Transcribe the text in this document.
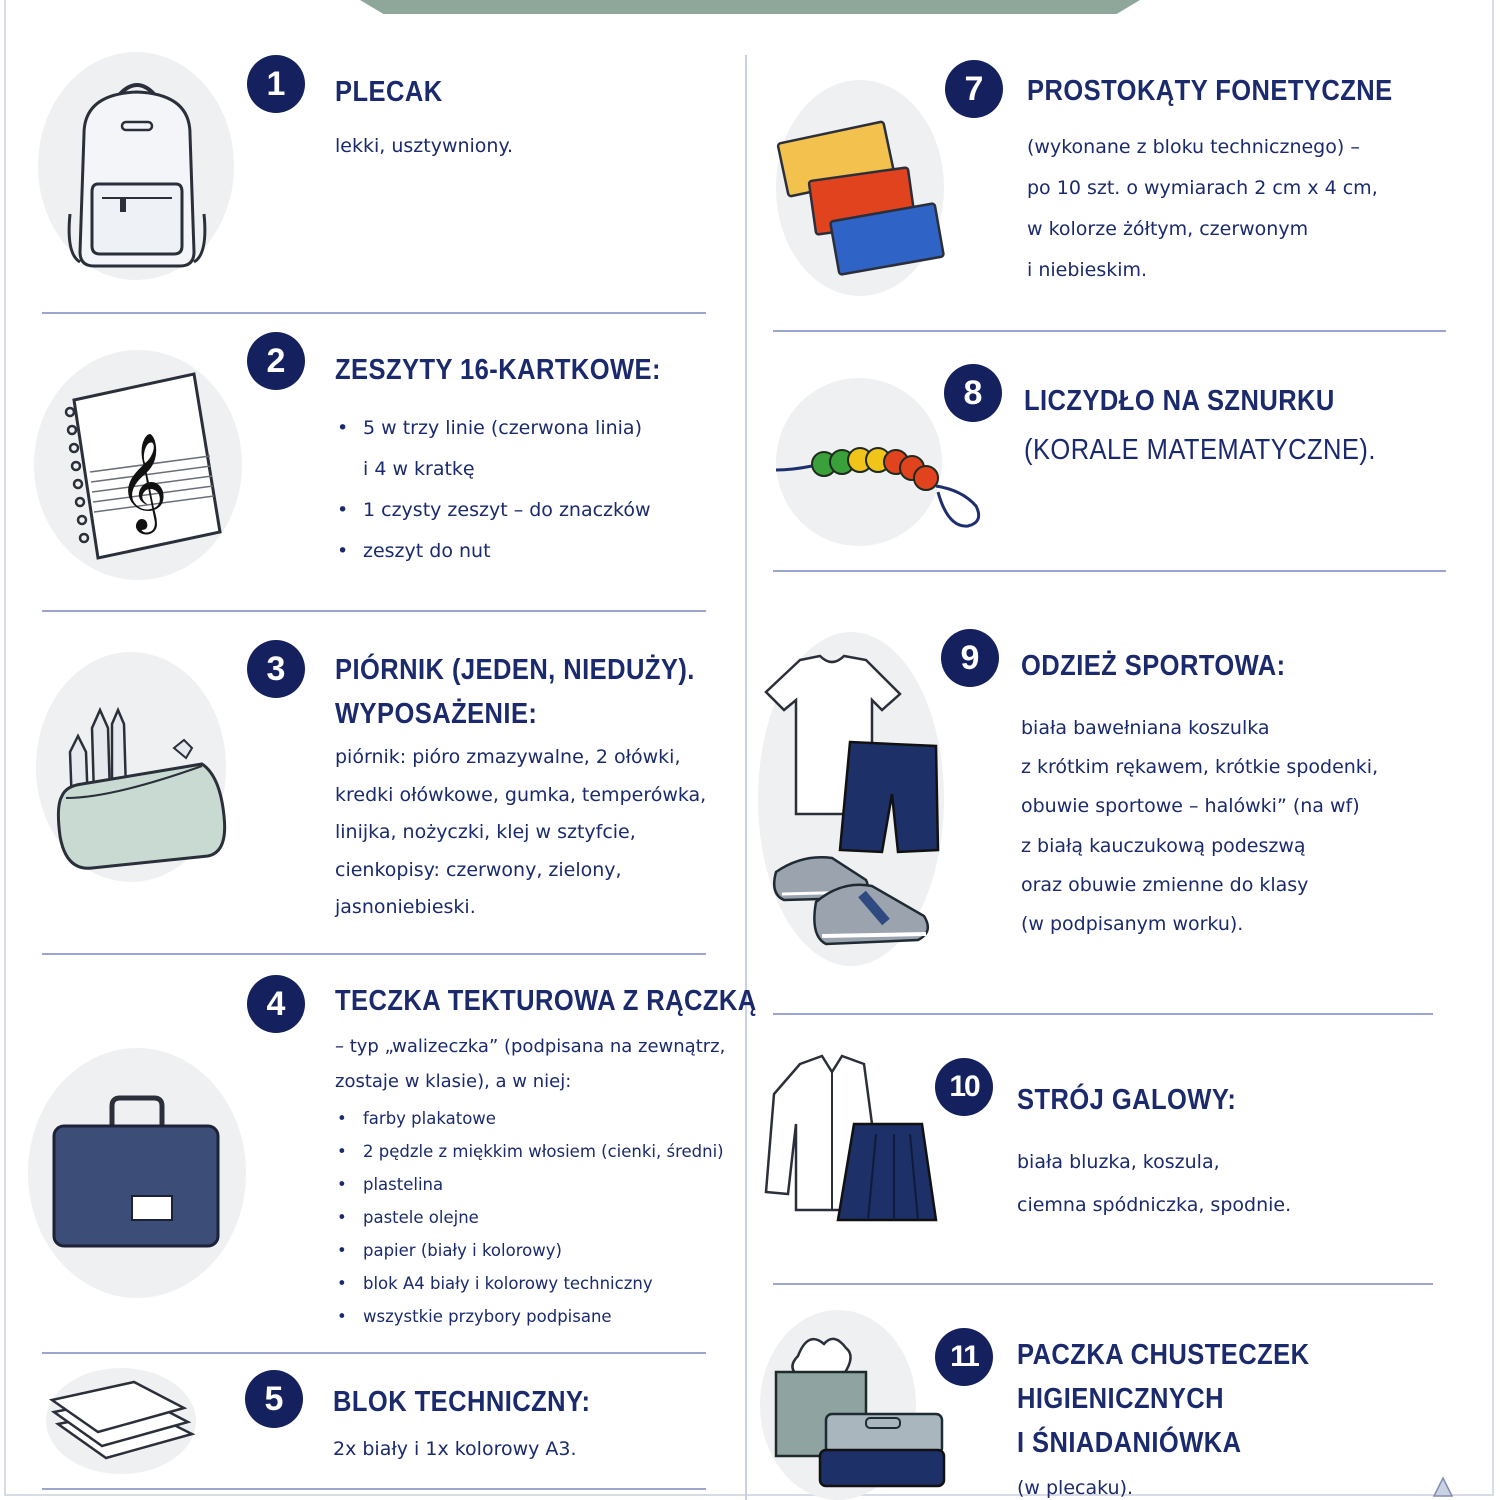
1	PLECAK
lekki, usztywniony.
𝄞
2	ZESZYTY 16-KARTKOWE:
• 5 w trzy linie (czerwona linia)
i 4 w kratkę
• 1 czysty zeszyt – do znaczków
• zeszyt do nut
3	PIÓRNIK (JEDEN, NIEDUŻY).
WYPOSAŻENIE:
piórnik: pióro zmazywalne, 2 ołówki,
kredki ołówkowe, gumka, temperówka,
linijka, nożyczki, klej w sztyfcie,
cienkopisy: czerwony, zielony,
jasnoniebieski.
4	TECZKA TEKTUROWA Z RĄCZKĄ
– typ „walizeczka” (podpisana na zewnątrz,
zostaje w klasie), a w niej:
• farby plakatowe
• 2 pędzle z miękkim włosiem (cienki, średni)
• plastelina
• pastele olejne
• papier (biały i kolorowy)
• blok A4 biały i kolorowy techniczny
• wszystkie przybory podpisane
5	BLOK TECHNICZNY:
2x biały i 1x kolorowy A3.
7	PROSTOKĄTY FONETYCZNE
(wykonane z bloku technicznego) –
po 10 szt. o wymiarach 2 cm x 4 cm,
w kolorze żółtym, czerwonym
i niebieskim.
8	LICZYDŁO NA SZNURKU
(KORALE MATEMATYCZNE).
9	ODZIEŻ SPORTOWA:
biała bawełniana koszulka
z krótkim rękawem, krótkie spodenki,
obuwie sportowe – halówki” (na wf)
z białą kauczukową podeszwą
oraz obuwie zmienne do klasy
(w podpisanym worku).
10	STRÓJ GALOWY:
biała bluzka, koszula,
ciemna spódniczka, spodnie.
11	PACZKA CHUSTECZEK
HIGIENICZNYCH
I ŚNIADANIÓWKA
(w plecaku).
